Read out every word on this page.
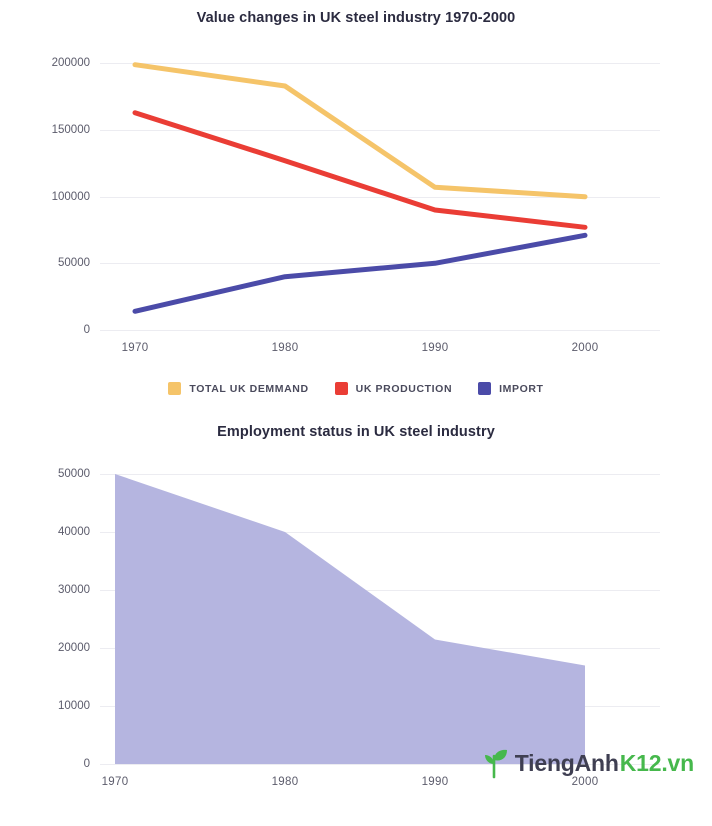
Value changes in UK steel industry 1970-2000
0
50000
100000
150000
200000
1970	1980	1990	2000
TOTAL UK DEMMAND	UK PRODUCTION	IMPORT
Employment status in UK steel industry
0
10000
20000
30000
40000
50000
1970	1980	1990	2000
TiengAnh K12.vn
